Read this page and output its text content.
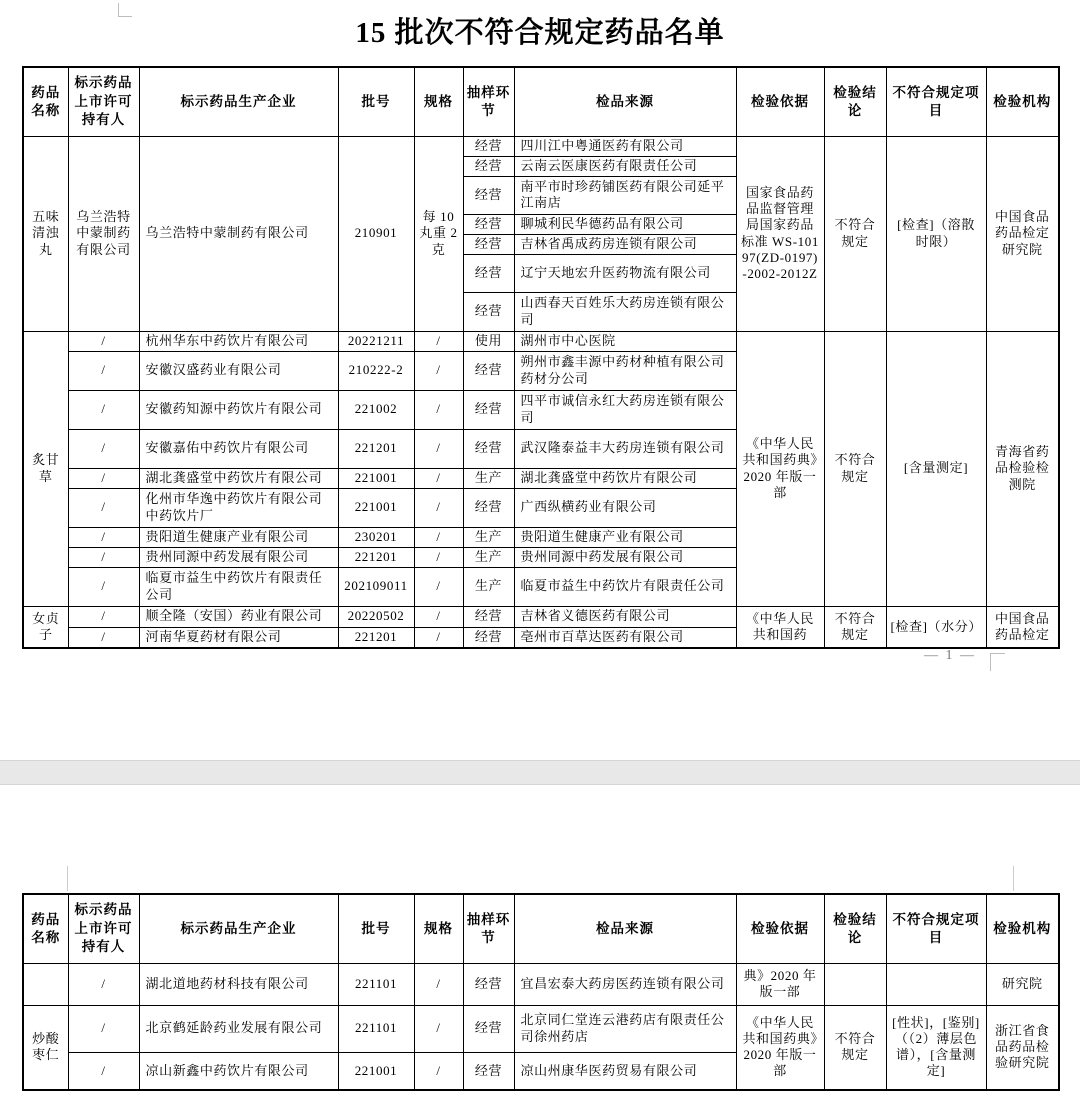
15 批次不符合规定药品名单
药品名称	标示药品上市许可持有人	标示药品生产企业	批号	规格	抽样环节	检品来源	检验依据	检验结论	不符合规定项目	检验机构
五味清浊丸	乌兰浩特中蒙制药有限公司	乌兰浩特中蒙制药有限公司	210901	每 10 丸重 2 克	经营	四川江中粤通医药有限公司	国家食品药品监督管理局国家药品标准 WS-10197(ZD-0197)-2002-2012Z	不符合规定	[检查]（溶散时限）	中国食品药品检定研究院
					经营	云南云医康医药有限责任公司				
					经营	南平市时珍药铺医药有限公司延平江南店				
					经营	聊城利民华德药品有限公司				
					经营	吉林省禹成药房连锁有限公司				
					经营	辽宁天地宏升医药物流有限公司				
					经营	山西春天百姓乐大药房连锁有限公司				
炙甘草	/	杭州华东中药饮片有限公司	20221211	/	使用	湖州市中心医院	《中华人民共和国药典》2020 年版一部	不符合规定	[含量测定]	青海省药品检验检测院
	/	安徽汉盛药业有限公司	210222-2	/	经营	朔州市鑫丰源中药材种植有限公司药材分公司				
	/	安徽药知源中药饮片有限公司	221002	/	经营	四平市诚信永红大药房连锁有限公司				
	/	安徽嘉佑中药饮片有限公司	221201	/	经营	武汉隆泰益丰大药房连锁有限公司				
	/	湖北龚盛堂中药饮片有限公司	221001	/	生产	湖北龚盛堂中药饮片有限公司				
	/	化州市华逸中药饮片有限公司中药饮片厂	221001	/	经营	广西纵横药业有限公司				
	/	贵阳道生健康产业有限公司	230201	/	生产	贵阳道生健康产业有限公司				
	/	贵州同源中药发展有限公司	221201	/	生产	贵州同源中药发展有限公司				
	/	临夏市益生中药饮片有限责任公司	202109011	/	生产	临夏市益生中药饮片有限责任公司				
女贞子	/	顺全隆（安国）药业有限公司	20220502	/	经营	吉林省义德医药有限公司	《中华人民共和国药	不符合规定	[检查]（水分）	中国食品药品检定
	/	河南华夏药材有限公司	221201	/	经营	亳州市百草达医药有限公司				
— 1 —
药品名称	标示药品上市许可持有人	标示药品生产企业	批号	规格	抽样环节	检品来源	检验依据	检验结论	不符合规定项目	检验机构
	/	湖北道地药材科技有限公司	221101	/	经营	宜昌宏泰大药房医药连锁有限公司	典》2020 年版一部			研究院
炒酸枣仁	/	北京鹤延龄药业发展有限公司	221101	/	经营	北京同仁堂连云港药店有限责任公司徐州药店	《中华人民共和国药典》2020 年版一部	不符合规定	[性状]，[鉴别]（（2）薄层色谱），[含量测定]	浙江省食品药品检验研究院
	/	凉山新鑫中药饮片有限公司	221001	/	经营	凉山州康华医药贸易有限公司				
